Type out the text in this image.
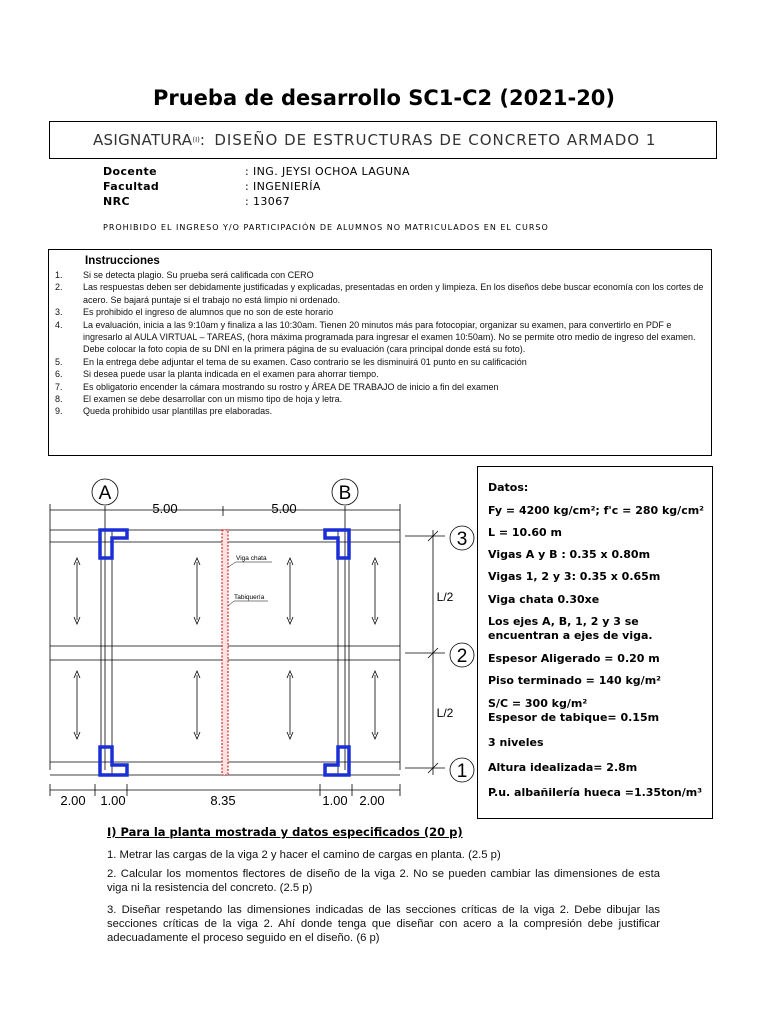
Prueba de desarrollo SC1-C2 (2021-20)
ASIGNATURA (I) : DISEÑO DE ESTRUCTURAS DE CONCRETO ARMADO 1
Docente	: ING. JEYSI OCHOA LAGUNA
Facultad	: INGENIERÍA
NRC	: 13067
PROHIBIDO EL INGRESO Y/O PARTICIPACIÓN DE ALUMNOS NO MATRICULADOS EN EL CURSO
Instrucciones
1.	Si se detecta plagio. Su prueba será calificada con CERO
2.	Las respuestas deben ser debidamente justificadas y explicadas, presentadas en orden y limpieza. En los diseños debe buscar economía con los cortes de acero. Se bajará puntaje si el trabajo no está limpio ni ordenado.
3.	Es prohibido el ingreso de alumnos que no son de este horario
4.	La evaluación, inicia a las 9:10am y finaliza a las 10:30am. Tienen 20 minutos más para fotocopiar, organizar su examen, para convertirlo en PDF e ingresarlo al AULA VIRTUAL – TAREAS, (hora máxima programada para ingresar el examen 10:50am). No se permite otro medio de ingreso del examen. Debe colocar la foto copia de su DNI en la primera página de su evaluación (cara principal donde está su foto).
5.	En la entrega debe adjuntar el tema de su examen. Caso contrario se les disminuirá 01 punto en su calificación
6.	Si desea puede usar la planta indicada en el examen para ahorrar tiempo.
7.	Es obligatorio encender la cámara mostrando su rostro y ÁREA DE TRABAJO de inicio a fin del examen
8.	El examen se debe desarrollar con un mismo tipo de hoja y letra.
9.	Queda prohibido usar plantillas pre elaboradas.
A	B
3
2
1
5.00	5.00
2.00 1.00	8.35	1.00 2.00
L/2
L/2
Viga chata
Tabiquería

Datos:

Fy = 4200 kg/cm²; f'c = 280 kg/cm²

L = 10.60 m

Vigas A y B : 0.35 x 0.80m

Vigas 1, 2 y 3: 0.35 x 0.65m

Viga chata 0.30xe

Los ejes A, B, 1, 2 y 3 se encuentran a ejes de viga.

Espesor Aligerado = 0.20 m

Piso terminado = 140 kg/m²

S/C = 300 kg/m²

Espesor de tabique= 0.15m

3 niveles

Altura idealizada= 2.8m

P.u. albañilería hueca =1.35ton/m³

I) Para la planta mostrada y datos especificados (20 p)
1. Metrar las cargas de la viga 2 y hacer el camino de cargas en planta. (2.5 p)
2. Calcular los momentos flectores de diseño de la viga 2. No se pueden cambiar las dimensiones de esta viga ni la resistencia del concreto. (2.5 p)
3. Diseñar respetando las dimensiones indicadas de las secciones críticas de la viga 2. Debe dibujar las secciones críticas de la viga 2. Ahí donde tenga que diseñar con acero a la compresión debe justificar adecuadamente el proceso seguido en el diseño. (6 p)
